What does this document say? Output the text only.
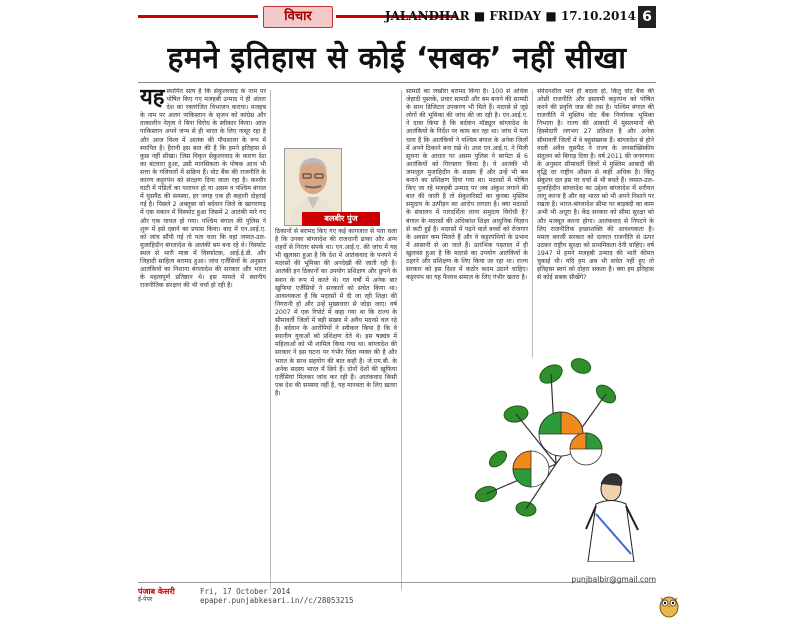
विचार	JALANDHAR ■ FRIDAY ■ 17.10.2014 6
हमने इतिहास से कोई ‘सबक’ नहीं सीखा
यह स्थापित सत्य है कि सेकुलरवाद के नाम पर पोषित किए गए मजहबी उन्माद ने ही अंततः देश का रक्तरंजित विभाजन कराया। मजहब के नाम पर अलग पाकिस्तान के सृजन को कांग्रेस और तत्कालीन नेतृत्व ने बिना विरोध के स्वीकार किया। आज पाकिस्तान अपने जन्म से ही भारत के लिए नासूर रहा है और आज विश्व में आतंक की पौधशाला के रूप में स्थापित है। हैरानी इस बात की है कि हमने इतिहास से कुछ नहीं सीखा। जिस विकृत सेकुलरवाद के कारण देश का बंटवारा हुआ, उसी मानसिकता के पोषक आज भी सत्ता के गलियारों में सक्रिय हैं। वोट बैंक की राजनीति के कारण कट्टरपंथ को संरक्षण दिया जाता रहा है। कश्मीर घाटी में पंडितों का पलायन हो या असम व पश्चिम बंगाल में घुसपैठ की समस्या, हर जगह एक ही कहानी दोहराई गई है। पिछले 2 अक्तूबर को बर्दवान जिले के खागरागढ़ में एक मकान में विस्फोट हुआ जिसमें 2 आतंकी मारे गए और एक घायल हो गया। पश्चिम बंगाल की पुलिस ने शुरू में इसे दबाने का प्रयास किया। बाद में एन.आई.ए. को जांच सौंपी गई तो पता चला कि वहां जमात-उल-मुजाहिदीन बंगलादेश के आतंकी बम बना रहे थे। विस्फोट स्थल से भारी मात्रा में विस्फोटक, आई.ई.डी. और जिहादी साहित्य बरामद हुआ। जांच एजैंसियों के अनुसार आतंकियों का निशाना बंगलादेश की सरकार और भारत के महत्वपूर्ण प्रतिष्ठान थे। इस मामले में स्थानीय राजनीतिक संरक्षण की भी चर्चा हो रही है।

ठिकानों से बरामद किए गए कई कागजात से पता चला है कि उनका बांग्लादेश की राजधानी ढाका और अन्य शहरों से निरंतर संपर्क था। एन.आई.ए. की जांच में यह भी खुलासा हुआ है कि देश में आतंकवाद के पनपने में मदरसों की भूमिका की अनदेखी की जाती रही है। आतंकी इन ठिकानों का उपयोग प्रशिक्षण और छुपने के स्थान के रूप में करते थे। गत वर्षों में अनेक बार खुफिया एजैंसियों ने सरकारों को सचेत किया था। आवश्यकता है कि मदरसों में दी जा रही शिक्षा की निगरानी हो और उन्हें मुख्यधारा से जोड़ा जाए। वर्ष 2007 में एक रिपोर्ट में कहा गया था कि राज्य के सीमावर्ती जिलों में बड़ी संख्या में अवैध मदरसे चल रहे हैं। बर्दवान के आरोपियों ने स्वीकार किया है कि वे स्थानीय युवाओं को प्रशिक्षण देते थे। इस षड्यंत्र में महिलाओं को भी शामिल किया गया था। बांग्लादेश की सरकार ने इस घटना पर गंभीर चिंता व्यक्त की है और भारत के साथ सहयोग की बात कही है। जे.एम.बी. के अनेक सदस्य भारत में छिपे हैं। दोनों देशों की खुफिया एजैंसियां मिलकर जांच कर रही हैं। आतंकवाद किसी एक देश की समस्या नहीं है, यह मानवता के लिए खतरा है।

सामग्री का जखीरा बरामद किया है। 100 से अधिक जेहादी पुस्तकें, प्रचार सामग्री और बम बनाने की सामग्री के साथ डिजिटल उपकरण भी मिले हैं। मदरसे से जुड़े लोगों की भूमिका की जांच की जा रही है। एन.आई.ए. ने दावा किया है कि बर्दवान मॉड्यूल बांग्लादेश के आतंकियों के निर्देश पर काम कर रहा था। जांच में पता चला है कि आतंकियों ने पश्चिम बंगाल के अनेक जिलों में अपने ठिकाने बना रखे थे। उधर एन.आई.ए. ने मिली सूचना के आधार पर असम पुलिस ने बरपेटा से 6 आतंकियों को गिरफ्तार किया है। ये आतंकी भी जमातुल मुजाहिदीन के सदस्य हैं और उन्हें भी बम बनाने का प्रशिक्षण दिया गया था। मदरसों में पोषित किए जा रहे मजहबी उन्माद पर जब अंकुश लगाने की बात की जाती है तो सेकुलरिस्टों का कुनबा मुस्लिम समुदाय के उत्पीड़न का आरोप लगाता है। क्या मदरसों के संचालन में पारदर्शिता लाना समुदाय विरोधी है? बंगाल के मदरसों की अधिकांश शिक्षा आधुनिक विज्ञान से कटी हुई है। मदरसों में पढ़ने वाले बच्चों को रोजगार के अवसर कम मिलते हैं और वे कट्टरपंथियों के प्रभाव में आसानी से आ जाते हैं। प्रारंभिक पड़ताल में ही खुलासा हुआ है कि मदरसे का उपयोग आतंकियों के ठहरने और प्रशिक्षण के लिए किया जा रहा था। राज्य सरकार को इस दिशा में कठोर कदम उठाने चाहिए। कट्टरपंथ का यह फैलाव समाज के लिए गंभीर खतरा है।

संवेदनशील भले ही बदला हो, किंतु वोट बैंक की ओछी राजनीति और इस्लामी कट्टरपंथ को पोषित करने की प्रवृत्ति जस की तस है। पश्चिम बंगाल की राजनीति में मुस्लिम वोट बैंक निर्णायक भूमिका निभाता है। राज्य की आबादी में मुसलमानों की हिस्सेदारी लगभग 27 प्रतिशत है और अनेक सीमावर्ती जिलों में वे बहुसंख्यक हैं। बांग्लादेश से होने वाली अवैध घुसपैठ ने राज्य के जनसांख्यिकीय संतुलन को बिगाड़ दिया है। वर्ष 2011 की जनगणना के अनुसार सीमावर्ती जिलों में मुस्लिम आबादी की वृद्धि दर राष्ट्रीय औसत से कहीं अधिक है। किंतु सेकुलर दल इस पर चर्चा से भी बचते हैं। जमात-उल-मुजाहिदीन बांग्लादेश का उद्देश्य बांग्लादेश में शरीयत लागू करना है और वह भारत को भी अपने निशाने पर रखता है। भारत-बांग्लादेश सीमा पर बाड़बंदी का काम अभी भी अधूरा है। केंद्र सरकार को सीमा सुरक्षा को और मजबूत करना होगा। आतंकवाद से निपटने के लिए राजनीतिक इच्छाशक्ति की आवश्यकता है। ममता बनर्जी सरकार को दलगत राजनीति से ऊपर उठकर राष्ट्रीय सुरक्षा को प्राथमिकता देनी चाहिए। वर्ष 1947 में हमने मजहबी उन्माद की भारी कीमत चुकाई थी। यदि हम अब भी सचेत नहीं हुए तो इतिहास स्वयं को दोहरा सकता है। क्या हम इतिहास से कोई सबक सीखेंगे?

बलबीर पुंज
पंजाब केसरी
ई-पेपर
Fri, 17 October 2014
epaper.punjabkesari.in//c/28053215
punjbalbir@gmail.com
